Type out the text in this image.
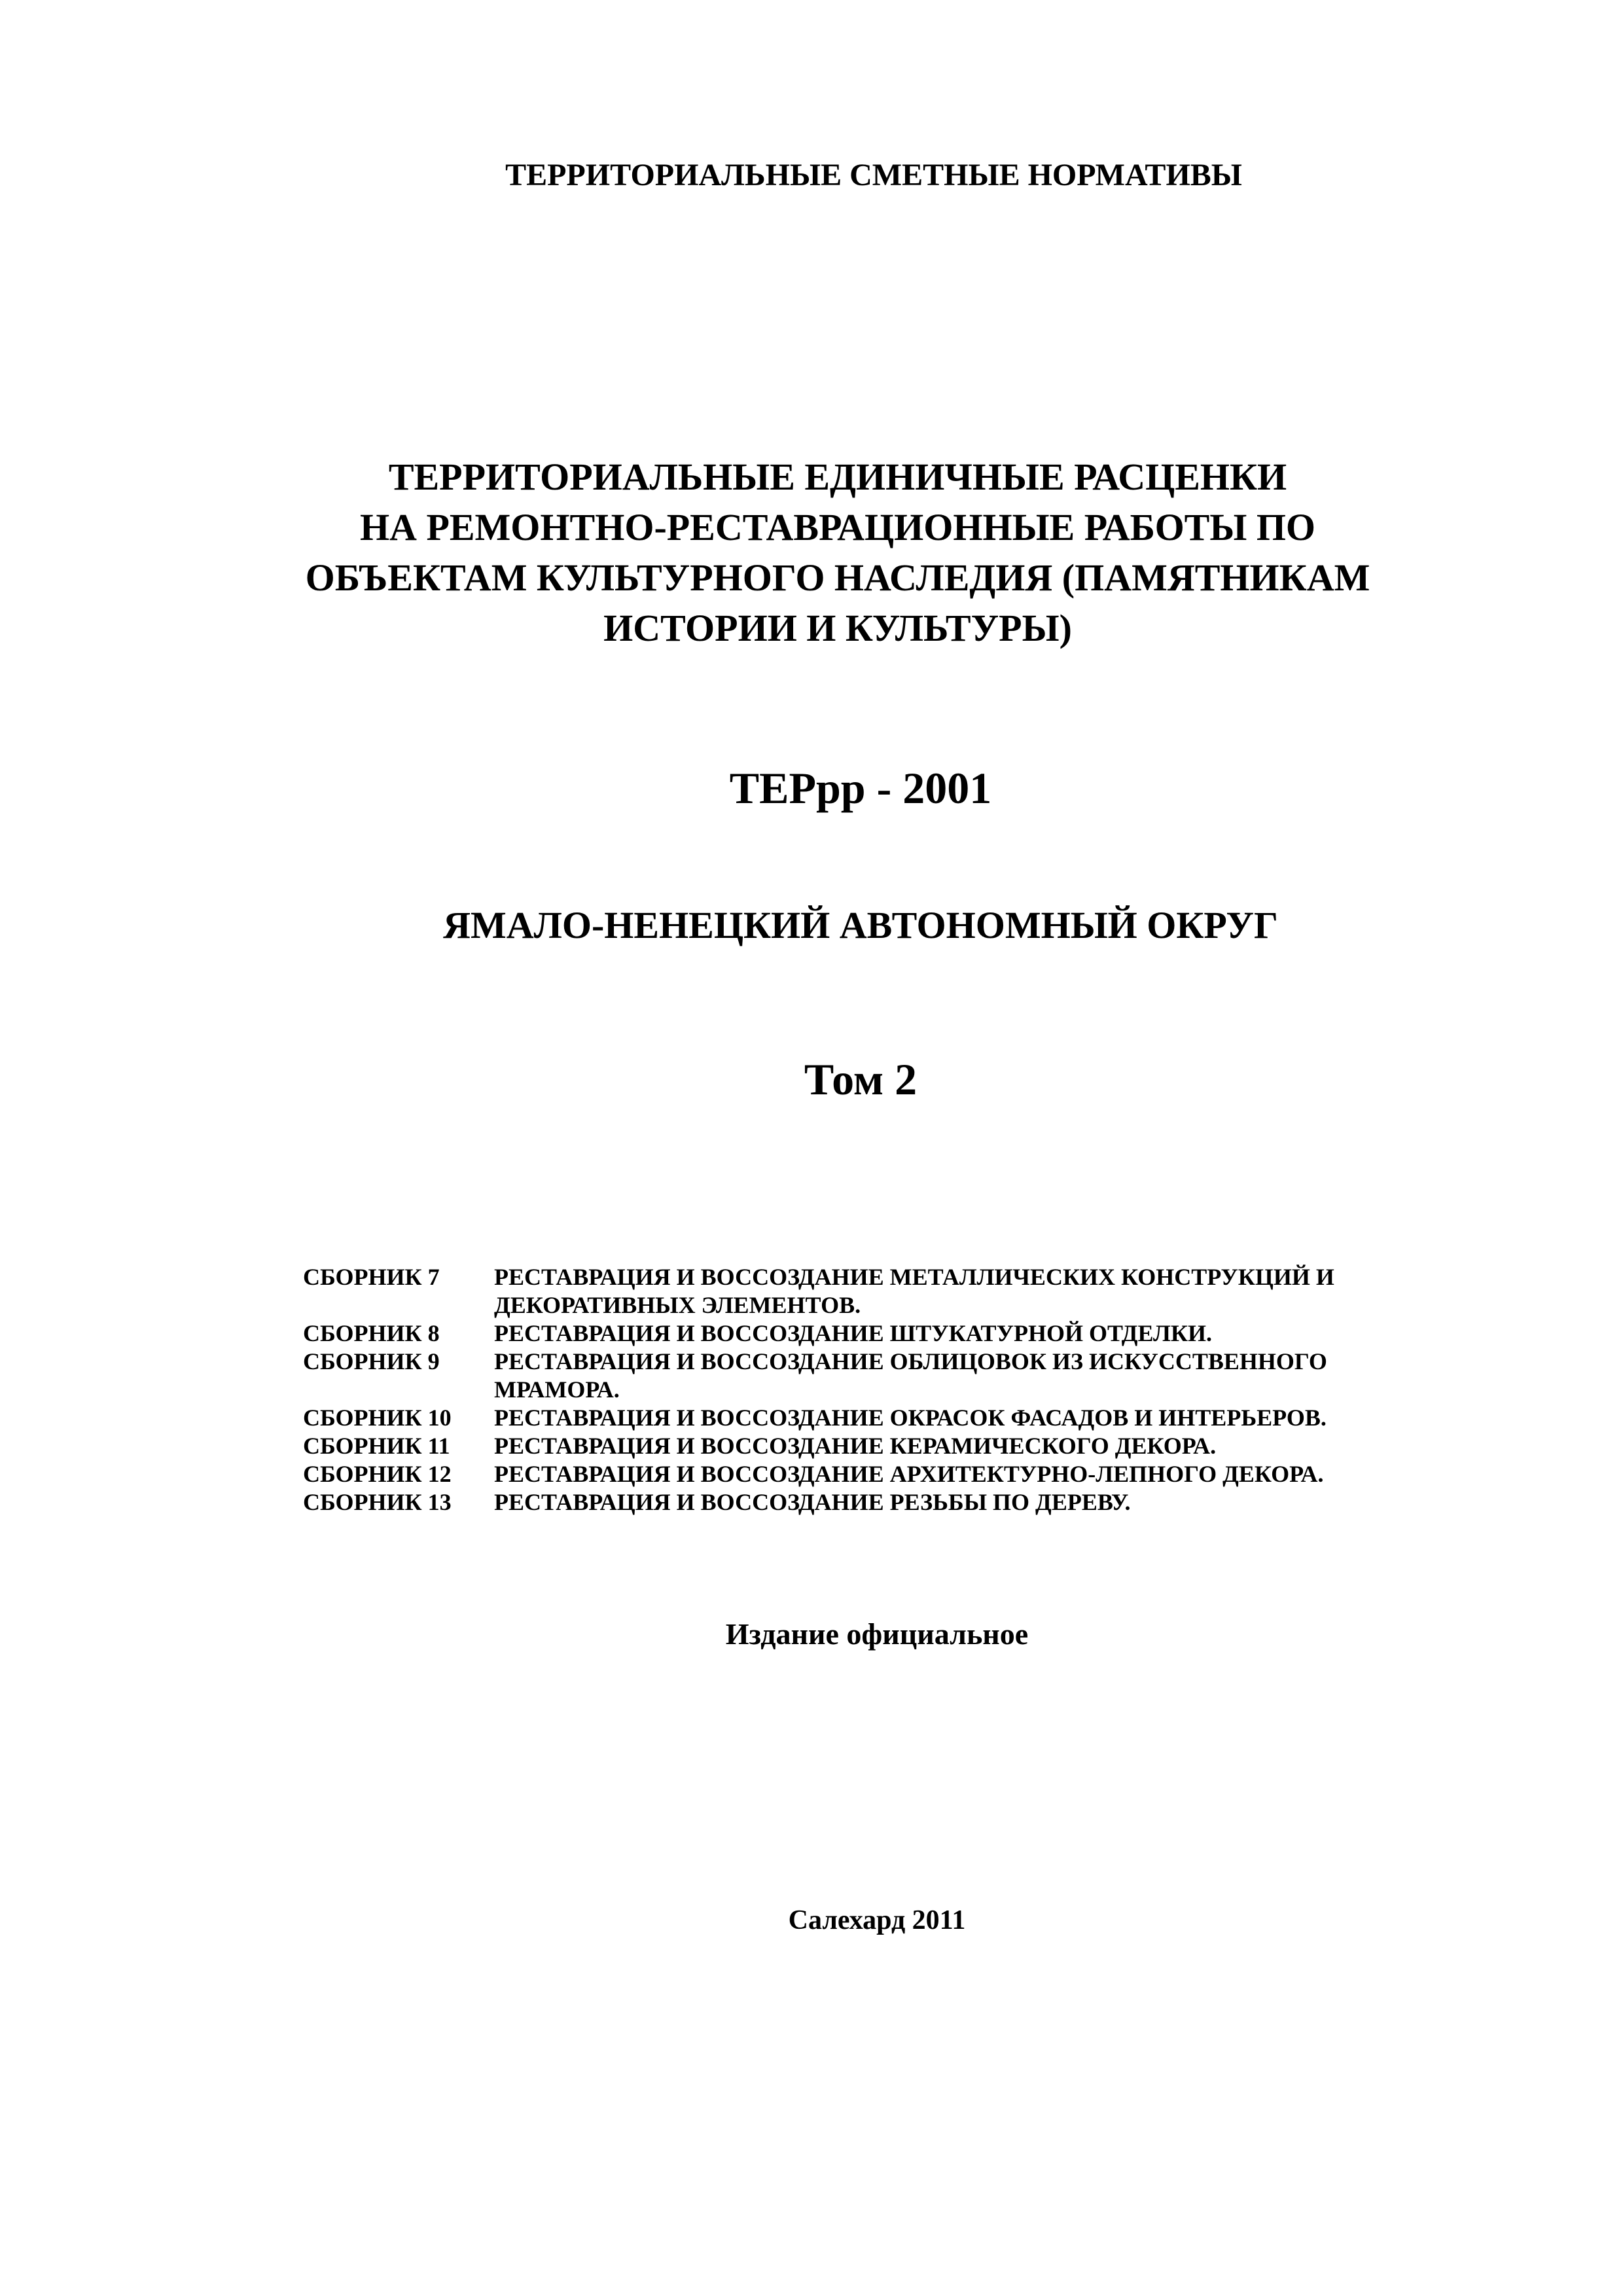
ТЕРРИТОРИАЛЬНЫЕ СМЕТНЫЕ НОРМАТИВЫ
ТЕРРИТОРИАЛЬНЫЕ ЕДИНИЧНЫЕ РАСЦЕНКИ
НА РЕМОНТНО-РЕСТАВРАЦИОННЫЕ РАБОТЫ ПО
ОБЪЕКТАМ КУЛЬТУРНОГО НАСЛЕДИЯ (ПАМЯТНИКАМ
ИСТОРИИ И КУЛЬТУРЫ)
ТЕРрр - 2001
ЯМАЛО-НЕНЕЦКИЙ АВТОНОМНЫЙ ОКРУГ
Том 2
СБОРНИК 7	РЕСТАВРАЦИЯ И ВОССОЗДАНИЕ МЕТАЛЛИЧЕСКИХ КОНСТРУКЦИЙ И
ДЕКОРАТИВНЫХ ЭЛЕМЕНТОВ.
СБОРНИК 8	РЕСТАВРАЦИЯ И ВОССОЗДАНИЕ ШТУКАТУРНОЙ ОТДЕЛКИ.
СБОРНИК 9	РЕСТАВРАЦИЯ И ВОССОЗДАНИЕ ОБЛИЦОВОК ИЗ ИСКУССТВЕННОГО
МРАМОРА.
СБОРНИК 10	РЕСТАВРАЦИЯ И ВОССОЗДАНИЕ ОКРАСОК ФАСАДОВ И ИНТЕРЬЕРОВ.
СБОРНИК 11	РЕСТАВРАЦИЯ И ВОССОЗДАНИЕ КЕРАМИЧЕСКОГО ДЕКОРА.
СБОРНИК 12	РЕСТАВРАЦИЯ И ВОССОЗДАНИЕ АРХИТЕКТУРНО-ЛЕПНОГО ДЕКОРА.
СБОРНИК 13	РЕСТАВРАЦИЯ И ВОССОЗДАНИЕ РЕЗЬБЫ ПО ДЕРЕВУ.
Издание официальное
Салехард 2011
